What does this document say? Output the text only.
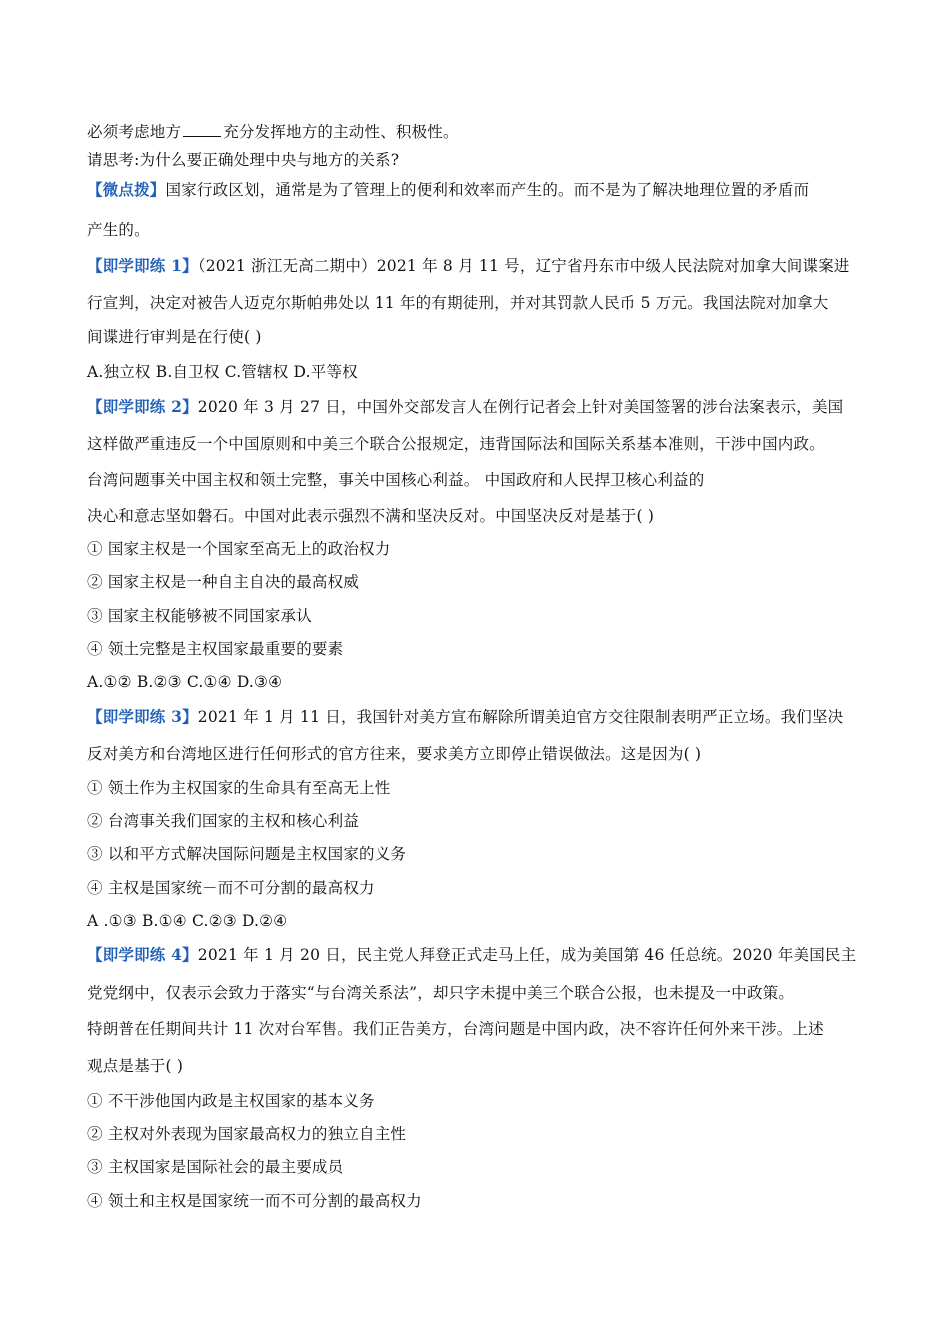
必须考虑地方	充分发挥地方的主动性、积极性。
请思考:为什么要正确处理中央与地方的关系?
【微点拨】国家行政区划，通常是为了管理上的便利和效率而产生的。而不是为了解决地理位置的矛盾而
产生的。
【即学即练 1】（2021 浙江无高二期中）2021 年 8 月 11 号，辽宁省丹东市中级人民法院对加拿大间谍案进
行宣判，决定对被告人迈克尔斯帕弗处以 11 年的有期徒刑，并对其罚款人民币 5 万元。我国法院对加拿大
间谍进行审判是在行使( )
A.独立权 B.自卫权 C.管辖权 D.平等权
【即学即练 2】2020 年 3 月 27 日，中国外交部发言人在例行记者会上针对美国签署的涉台法案表示，美国
这样做严重违反一个中国原则和中美三个联合公报规定，违背国际法和国际关系基本准则，干涉中国内政。
台湾问题事关中国主权和领土完整，事关中国核心利益。 中国政府和人民捍卫核心利益的
决心和意志坚如磐石。中国对此表示强烈不满和坚决反对。中国坚决反对是基于( )
① 国家主权是一个国家至高无上的政治权力
② 国家主权是一种自主自决的最高权威
③ 国家主权能够被不同国家承认
④ 领土完整是主权国家最重要的要素
A.①② B.②③ C.①④ D.③④
【即学即练 3】2021 年 1 月 11 日，我国针对美方宣布解除所谓美迫官方交往限制表明严正立场。我们坚决
反对美方和台湾地区进行任何形式的官方往来，要求美方立即停止错误做法。这是因为( )
① 领土作为主权国家的生命具有至高无上性
② 台湾事关我们国家的主权和核心利益
③ 以和平方式解决国际问题是主权国家的义务
④ 主权是国家统－而不可分割的最高权力
A .①③ B.①④ C.②③ D.②④
【即学即练 4】2021 年 1 月 20 日，民主党人拜登正式走马上任，成为美国第 46 任总统。2020 年美国民主
党党纲中，仅表示会致力于落实“与台湾关系法”，却只字未提中美三个联合公报，也未提及一中政策。
特朗普在任期间共计 11 次对台军售。我们正告美方，台湾问题是中国内政，决不容许任何外来干涉。上述
观点是基于( )
① 不干涉他国内政是主权国家的基本义务
② 主权对外表现为国家最高权力的独立自主性
③ 主权国家是国际社会的最主要成员
④ 领土和主权是国家统一而不可分割的最高权力
